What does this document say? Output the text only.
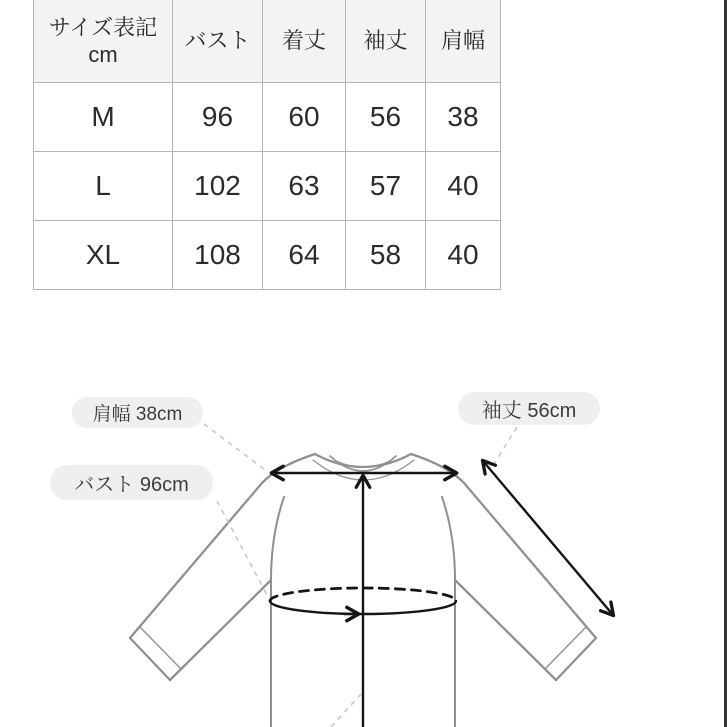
サイズ表記
cm	バスト	着丈	袖丈	肩幅
M	96	60	56	38
L	102	63	57	40
XL	108	64	58	40
肩幅 38cm
バスト 96cm
袖丈 56cm
